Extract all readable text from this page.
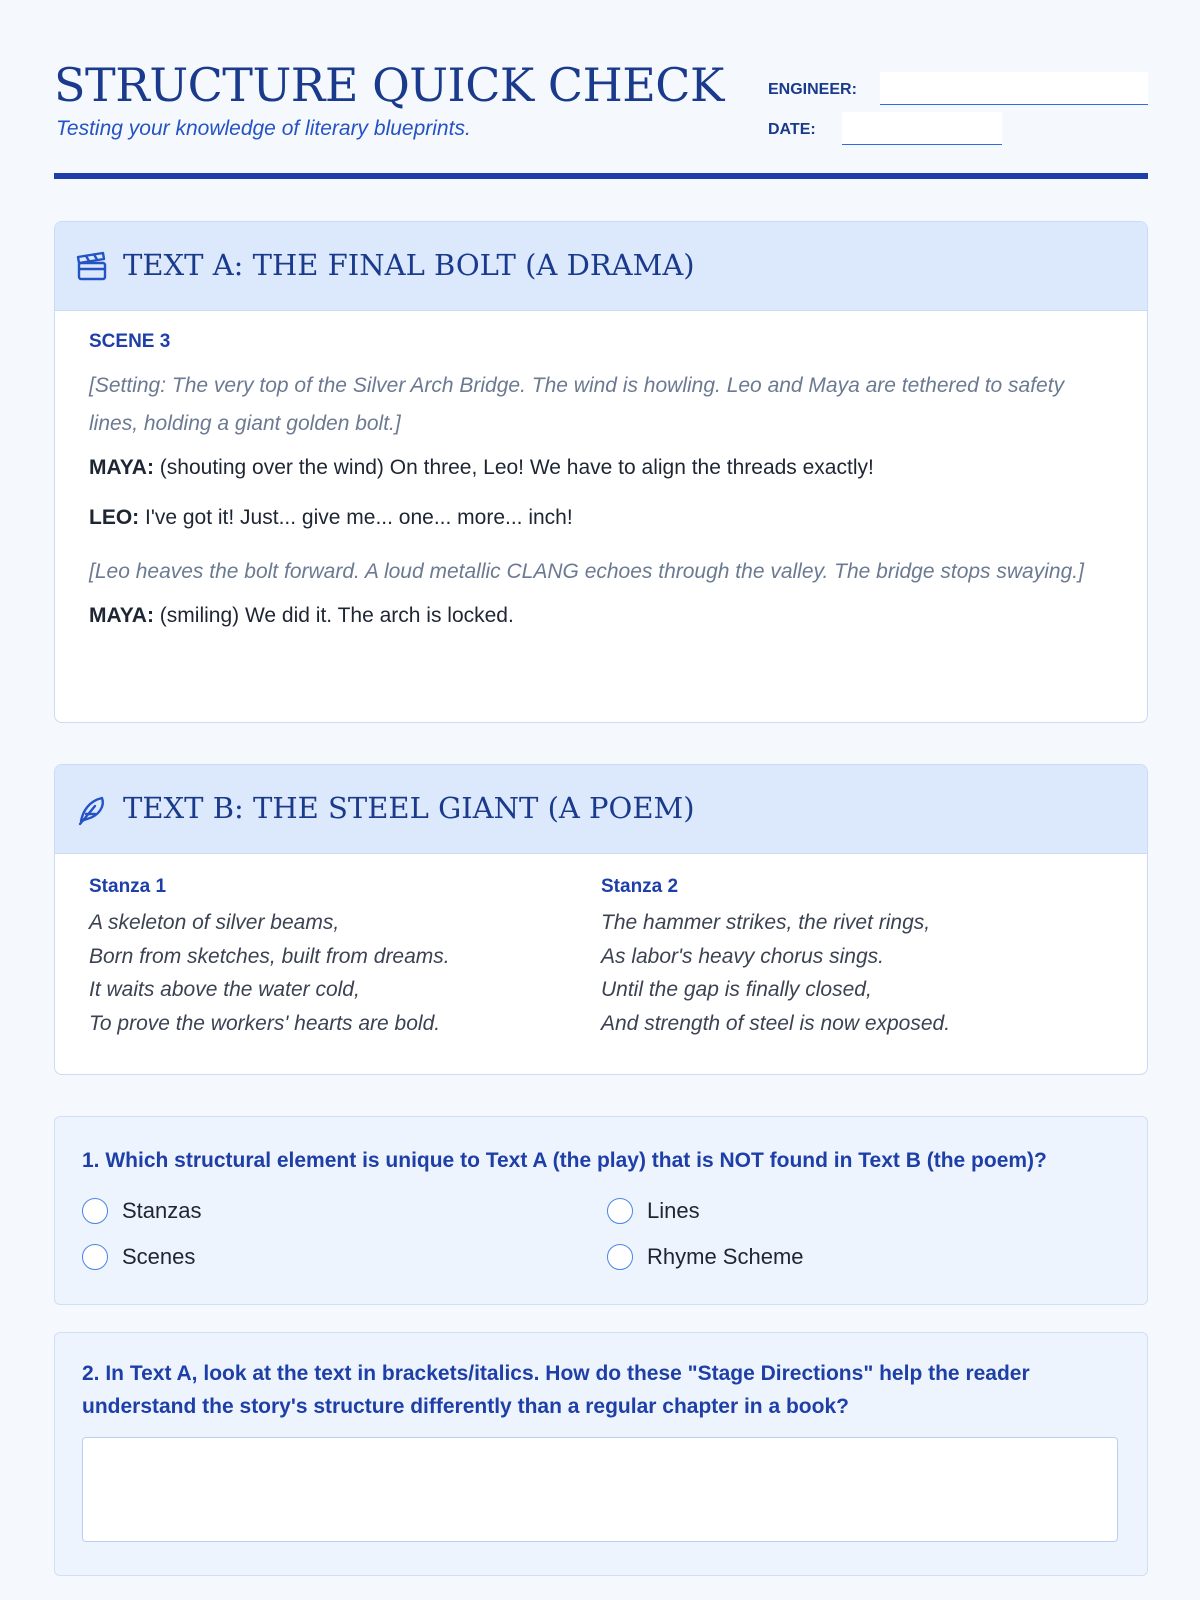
STRUCTURE QUICK CHECK
Testing your knowledge of literary blueprints.
ENGINEER:
DATE:
TEXT A: THE FINAL BOLT (A DRAMA)
SCENE 3
[Setting: The very top of the Silver Arch Bridge. The wind is howling. Leo and Maya are tethered to safety lines, holding a giant golden bolt.]
MAYA: (shouting over the wind) On three, Leo! We have to align the threads exactly!
LEO: I've got it! Just... give me... one... more... inch!
[Leo heaves the bolt forward. A loud metallic CLANG echoes through the valley. The bridge stops swaying.]
MAYA: (smiling) We did it. The arch is locked.
TEXT B: THE STEEL GIANT (A POEM)
Stanza 1
A skeleton of silver beams,
Born from sketches, built from dreams.
It waits above the water cold,
To prove the workers' hearts are bold.
Stanza 2
The hammer strikes, the rivet rings,
As labor's heavy chorus sings.
Until the gap is finally closed,
And strength of steel is now exposed.
1. Which structural element is unique to Text A (the play) that is NOT found in Text B (the poem)?
Stanzas	Lines
Scenes	Rhyme Scheme
2. In Text A, look at the text in brackets/italics. How do these "Stage Directions" help the reader understand the story's structure differently than a regular chapter in a book?
